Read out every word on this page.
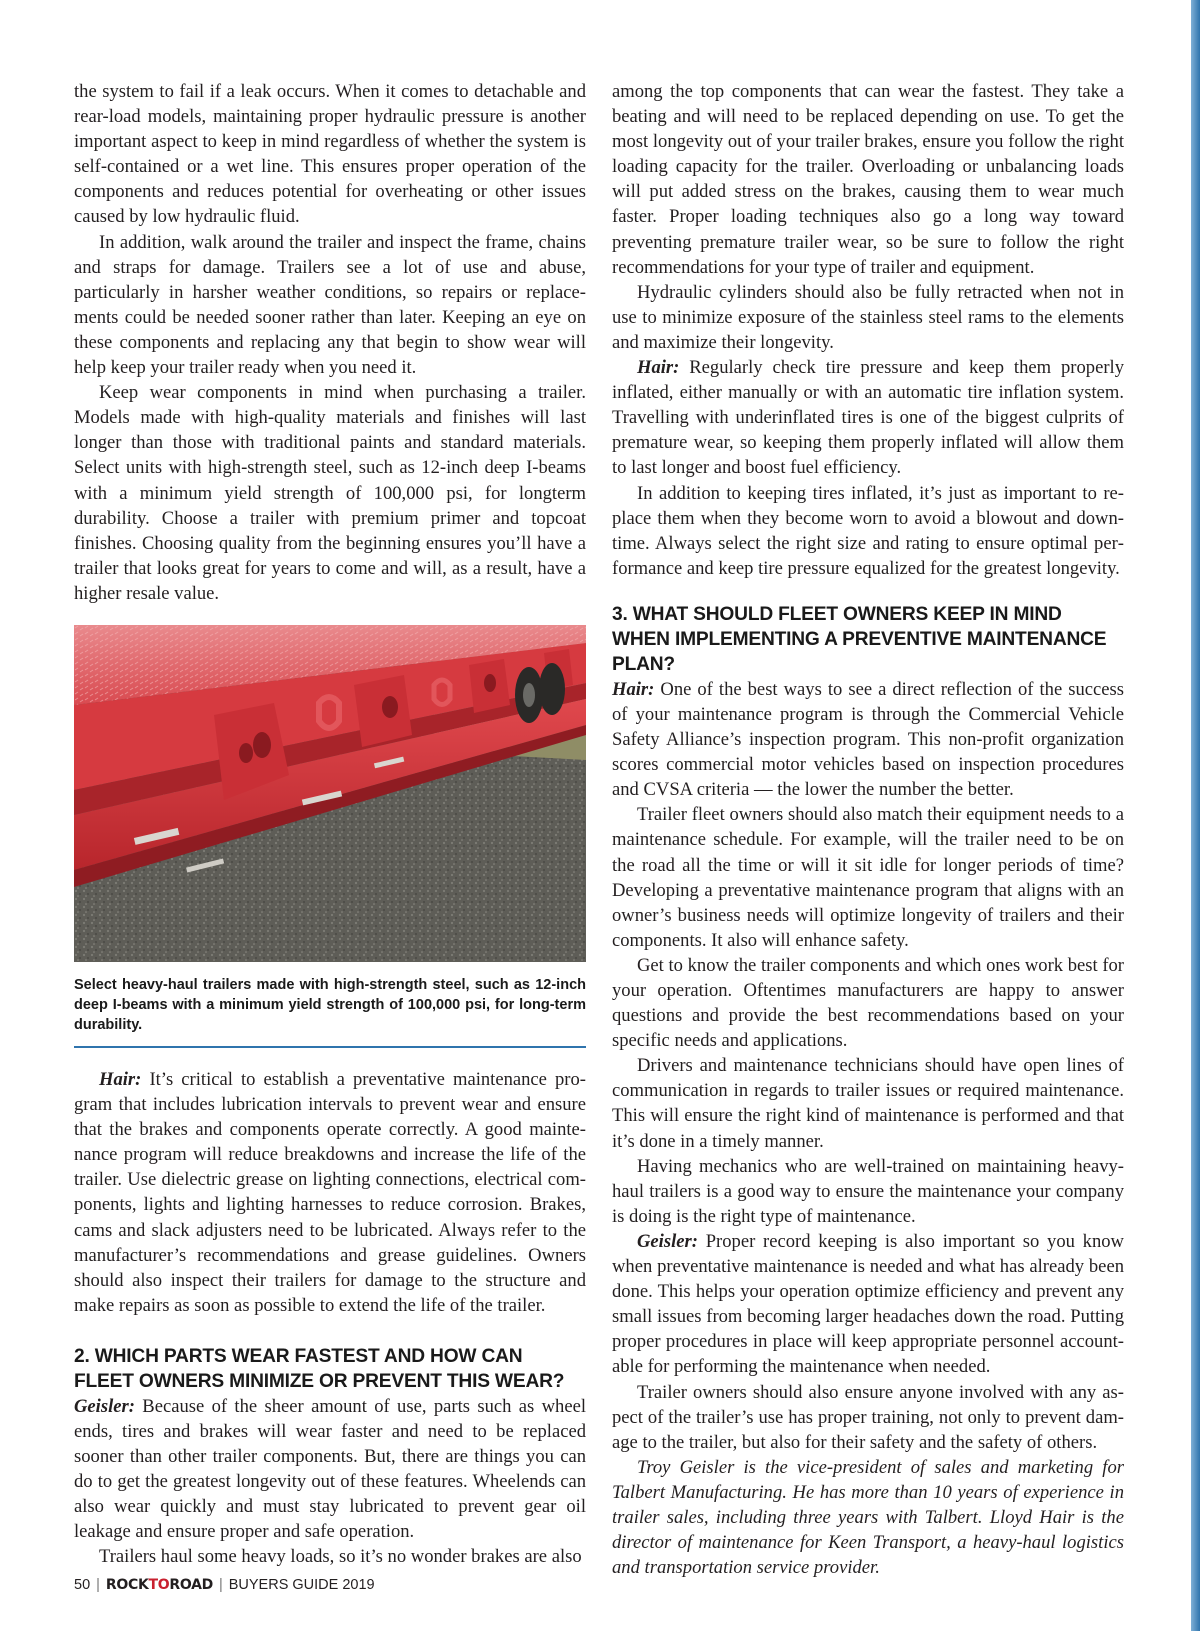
the system to fail if a leak occurs. When it comes to detachable and rear-load models, maintaining proper hydraulic pressure is another important aspect to keep in mind regardless of whether the system is self-contained or a wet line. This ensures proper operation of the components and reduces potential for overheating or other issues caused by low hydraulic fluid.

In addition, walk around the trailer and inspect the frame, chains and straps for damage. Trailers see a lot of use and abuse, particularly in harsher weather conditions, so repairs or replacements could be needed sooner rather than later. Keeping an eye on these components and replacing any that begin to show wear will help keep your trailer ready when you need it.

Keep wear components in mind when purchasing a trailer. Models made with high-quality materials and finishes will last longer than those with traditional paints and standard materials. Select units with high-strength steel, such as 12-inch deep I-beams with a minimum yield strength of 100,000 psi, for longterm durability. Choose a trailer with premium primer and topcoat finishes. Choosing quality from the beginning ensures you’ll have a trailer that looks great for years to come and will, as a result, have a higher resale value.

Select heavy-haul trailers made with high-strength steel, such as 12-inch deep I-beams with a minimum yield strength of 100,000 psi, for long-term durability.

Hair: It’s critical to establish a preventative maintenance program that includes lubrication intervals to prevent wear and ensure that the brakes and components operate correctly. A good maintenance program will reduce breakdowns and increase the life of the trailer. Use dielectric grease on lighting connections, electrical components, lights and lighting harnesses to reduce corrosion. Brakes, cams and slack adjusters need to be lubricated. Always refer to the manufacturer’s recommendations and grease guidelines. Owners should also inspect their trailers for damage to the structure and make repairs as soon as possible to extend the life of the trailer.

2. WHICH PARTS WEAR FASTEST AND HOW CAN FLEET OWNERS MINIMIZE OR PREVENT THIS WEAR?

Geisler: Because of the sheer amount of use, parts such as wheel ends, tires and brakes will wear faster and need to be replaced sooner than other trailer components. But, there are things you can do to get the greatest longevity out of these features. Wheelends can also wear quickly and must stay lubricated to prevent gear oil leakage and ensure proper and safe operation.

Trailers haul some heavy loads, so it’s no wonder brakes are also

among the top components that can wear the fastest. They take a beating and will need to be replaced depending on use. To get the most longevity out of your trailer brakes, ensure you follow the right loading capacity for the trailer. Overloading or unbalancing loads will put added stress on the brakes, causing them to wear much faster. Proper loading techniques also go a long way toward preventing premature trailer wear, so be sure to follow the right recommendations for your type of trailer and equipment.

Hydraulic cylinders should also be fully retracted when not in use to minimize exposure of the stainless steel rams to the elements and maximize their longevity.

Hair: Regularly check tire pressure and keep them properly inflated, either manually or with an automatic tire inflation system. Travelling with underinflated tires is one of the biggest culprits of premature wear, so keeping them properly inflated will allow them to last longer and boost fuel efficiency.

In addition to keeping tires inflated, it’s just as important to replace them when they become worn to avoid a blowout and downtime. Always select the right size and rating to ensure optimal performance and keep tire pressure equalized for the greatest longevity.

3. WHAT SHOULD FLEET OWNERS KEEP IN MIND WHEN IMPLEMENTING A PREVENTIVE MAINTENANCE PLAN?

Hair: One of the best ways to see a direct reflection of the success of your maintenance program is through the Commercial Vehicle Safety Alliance’s inspection program. This non-profit organization scores commercial motor vehicles based on inspection procedures and CVSA criteria — the lower the number the better.

Trailer fleet owners should also match their equipment needs to a maintenance schedule. For example, will the trailer need to be on the road all the time or will it sit idle for longer periods of time? Developing a preventative maintenance program that aligns with an owner’s business needs will optimize longevity of trailers and their components. It also will enhance safety.

Get to know the trailer components and which ones work best for your operation. Oftentimes manufacturers are happy to answer questions and provide the best recommendations based on your specific needs and applications.

Drivers and maintenance technicians should have open lines of communication in regards to trailer issues or required maintenance. This will ensure the right kind of maintenance is performed and that it’s done in a timely manner.

Having mechanics who are well-trained on maintaining heavy-haul trailers is a good way to ensure the maintenance your company is doing is the right type of maintenance.

Geisler: Proper record keeping is also important so you know when preventative maintenance is needed and what has already been done. This helps your operation optimize efficiency and prevent any small issues from becoming larger headaches down the road. Putting proper procedures in place will keep appropriate personnel accountable for performing the maintenance when needed.

Trailer owners should also ensure anyone involved with any aspect of the trailer’s use has proper training, not only to prevent damage to the trailer, but also for their safety and the safety of others.

Troy Geisler is the vice-president of sales and marketing for Talbert Manufacturing. He has more than 10 years of experience in trailer sales, including three years with Talbert. Lloyd Hair is the director of maintenance for Keen Transport, a heavy-haul logistics and transportation service provider.

50 | ROCKTOROAD | BUYERS GUIDE 2019
